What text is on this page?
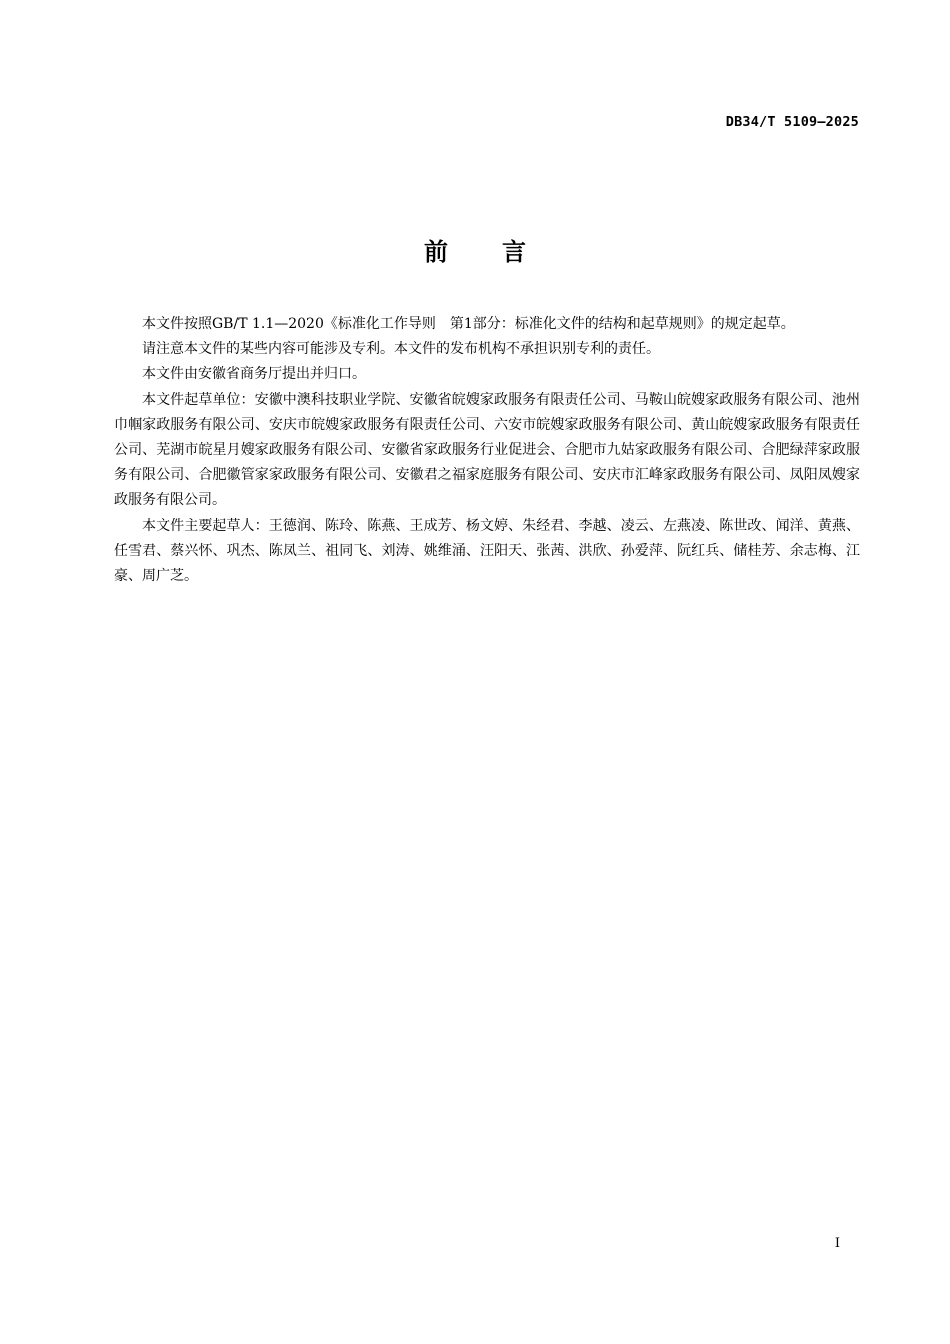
DB34/T 5109—2025
前 言

本文件按照GB/T 1.1—2020《标准化工作导则　第1部分：标准化文件的结构和起草规则》的规定起草。

请注意本文件的某些内容可能涉及专利。本文件的发布机构不承担识别专利的责任。

本文件由安徽省商务厅提出并归口。

本文件起草单位：安徽中澳科技职业学院、安徽省皖嫂家政服务有限责任公司、马鞍山皖嫂家政服务有限公司、池州巾帼家政服务有限公司、安庆市皖嫂家政服务有限责任公司、六安市皖嫂家政服务有限公司、黄山皖嫂家政服务有限责任公司、芜湖市皖星月嫂家政服务有限公司、安徽省家政服务行业促进会、合肥市九姑家政服务有限公司、合肥绿萍家政服务有限公司、合肥徽管家家政服务有限公司、安徽君之福家庭服务有限公司、安庆市汇峰家政服务有限公司、凤阳凤嫂家政服务有限公司。

本文件主要起草人：王德润、陈玲、陈燕、王成芳、杨文婷、朱经君、李越、凌云、左燕凌、陈世改、闻洋、黄燕、任雪君、蔡兴怀、巩杰、陈凤兰、祖同飞、刘涛、姚维涌、汪阳天、张茜、洪欣、孙爱萍、阮红兵、储桂芳、余志梅、江豪、周广芝。

I
